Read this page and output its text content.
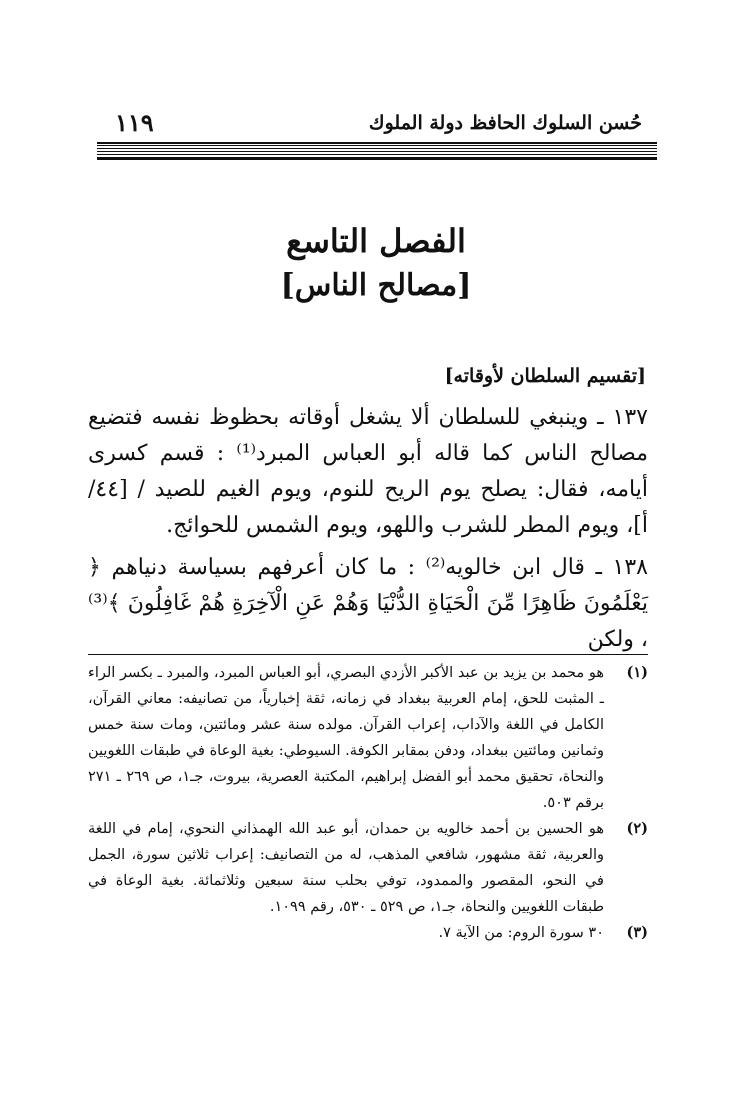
حُسن السلوك الحافظ دولة الملوك
١١٩
الفصل التاسع
[مصالح الناس]
[تقسيم السلطان لأوقاته]

١٣٧ ـ وينبغي للسلطان ألا يشغل أوقاته بحظوظ نفسه فتضيع مصالح الناس كما قاله أبو العباس المبرد⁽¹⁾ : قسم كسرى أيامه، فقال: يصلح يوم الريح للنوم، ويوم الغيم للصيد / [٤٤/ أ]، ويوم المطر للشرب واللهو، ويوم الشمس للحوائج.

١٣٨ ـ قال ابن خالويه⁽²⁾ : ما كان أعرفهم بسياسة دنياهم ﴿ يَعْلَمُونَ ظَاهِرًا مِّنَ الْحَيَاةِ الدُّنْيَا وَهُمْ عَنِ الْآخِرَةِ هُمْ غَافِلُونَ ﴾⁽³⁾ ، ولكن

(١)
هو محمد بن يزيد بن عبد الأكبر الأزدي البصري، أبو العباس المبرد، والمبرد ـ بكسر الراء ـ المثبت للحق، إمام العربية ببغداد في زمانه، ثقة إخبارياً، من تصانيفه: معاني القرآن، الكامل في اللغة والآداب، إعراب القرآن. مولده سنة عشر ومائتين، ومات سنة خمس وثمانين ومائتين ببغداد، ودفن بمقابر الكوفة. السيوطي: بغية الوعاة في طبقات اللغويين والنحاة، تحقيق محمد أبو الفضل إبراهيم، المكتبة العصرية، بيروت، جـ١، ص ٢٦٩ ـ ٢٧١ برقم ٥٠٣.
(٢)
هو الحسين بن أحمد خالويه بن حمدان، أبو عبد الله الهمذاني النحوي، إمام في اللغة والعربية، ثقة مشهور، شافعي المذهب، له من التصانيف: إعراب ثلاثين سورة، الجمل في النحو، المقصور والممدود، توفي بحلب سنة سبعين وثلاثمائة. بغية الوعاة في طبقات اللغويين والنحاة، جـ١، ص ٥٢٩ ـ ٥٣٠، رقم ١٠٩٩.
(٣)
٣٠ سورة الروم: من الآية ٧.
